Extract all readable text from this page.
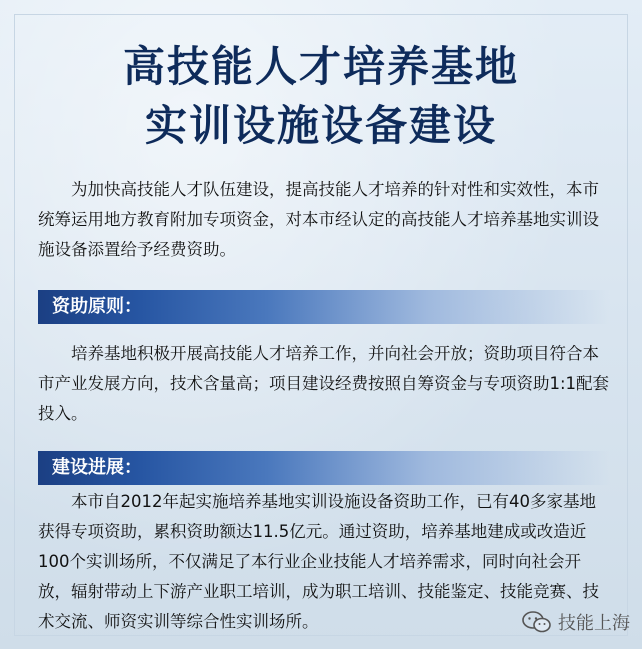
高技能人才培养基地
实训设施设备建设
为加快高技能人才队伍建设，提高技能人才培养的针对性和实效性，本市统筹运用地方教育附加专项资金，对本市经认定的高技能人才培养基地实训设施设备添置给予经费资助。
资助原则：
培养基地积极开展高技能人才培养工作，并向社会开放；资助项目符合本市产业发展方向，技术含量高；项目建设经费按照自筹资金与专项资助1:1配套投入。
建设进展：
本市自2012年起实施培养基地实训设施设备资助工作，已有40多家基地获得专项资助，累积资助额达11.5亿元。通过资助，培养基地建成或改造近100个实训场所，不仅满足了本行业企业技能人才培养需求，同时向社会开放，辐射带动上下游产业职工培训，成为职工培训、技能鉴定、技能竞赛、技术交流、师资实训等综合性实训场所。	技能上海
